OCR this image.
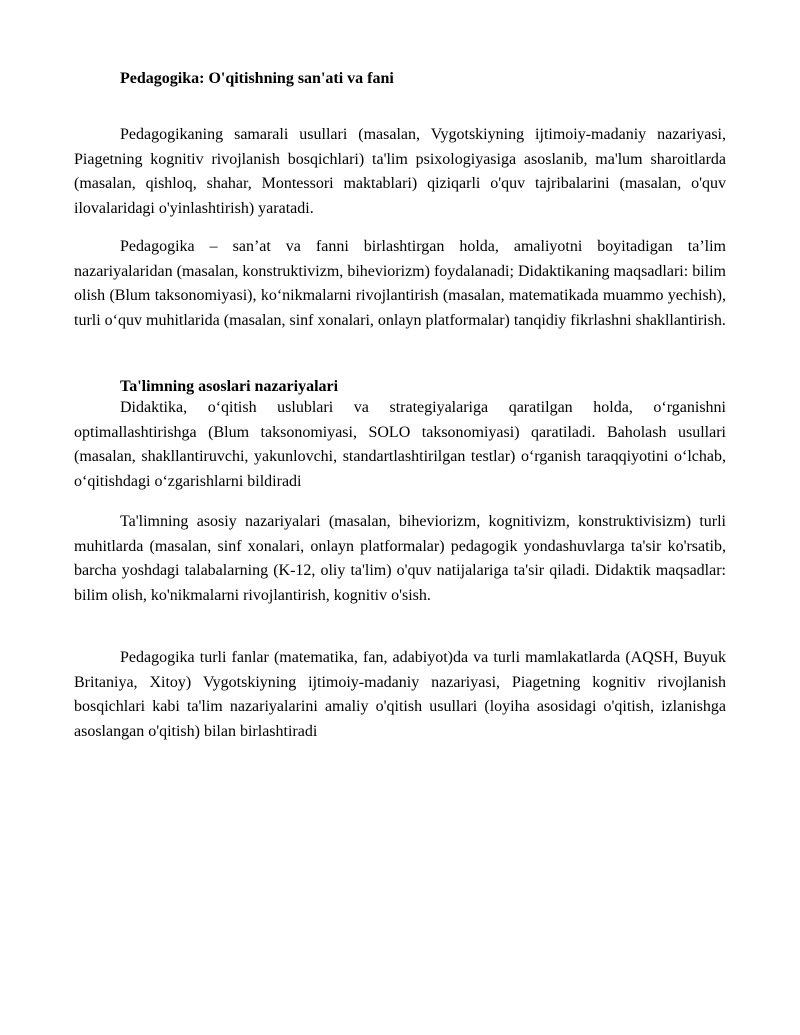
Pedagogika: O'qitishning san'ati va fani

Pedagogikaning samarali usullari (masalan, Vygotskiyning ijtimoiy-madaniy nazariyasi, Piagetning kognitiv rivojlanish bosqichlari) ta'lim psixologiyasiga asoslanib, ma'lum sharoitlarda (masalan, qishloq, shahar, Montessori maktablari) qiziqarli o'quv tajribalarini (masalan, o'quv ilovalaridagi o'yinlashtirish) yaratadi.

Pedagogika – san’at va fanni birlashtirgan holda, amaliyotni boyitadigan ta’lim nazariyalaridan (masalan, konstruktivizm, biheviorizm) foydalanadi; Didaktikaning maqsadlari: bilim olish (Blum taksonomiyasi), koʻnikmalarni rivojlantirish (masalan, matematikada muammo yechish), turli oʻquv muhitlarida (masalan, sinf xonalari, onlayn platformalar) tanqidiy fikrlashni shakllantirish.

Ta'limning asoslari nazariyalari

Didaktika, oʻqitish uslublari va strategiyalariga qaratilgan holda, oʻrganishni optimallashtirishga (Blum taksonomiyasi, SOLO taksonomiyasi) qaratiladi. Baholash usullari (masalan, shakllantiruvchi, yakunlovchi, standartlashtirilgan testlar) oʻrganish taraqqiyotini oʻlchab, oʻqitishdagi oʻzgarishlarni bildiradi

Ta'limning asosiy nazariyalari (masalan, biheviorizm, kognitivizm, konstruktivisizm) turli muhitlarda (masalan, sinf xonalari, onlayn platformalar) pedagogik yondashuvlarga ta'sir ko'rsatib, barcha yoshdagi talabalarning (K-12, oliy ta'lim) o'quv natijalariga ta'sir qiladi. Didaktik maqsadlar: bilim olish, ko'nikmalarni rivojlantirish, kognitiv o'sish.

Pedagogika turli fanlar (matematika, fan, adabiyot)da va turli mamlakatlarda (AQSH, Buyuk Britaniya, Xitoy) Vygotskiyning ijtimoiy-madaniy nazariyasi, Piagetning kognitiv rivojlanish bosqichlari kabi ta'lim nazariyalarini amaliy o'qitish usullari (loyiha asosidagi o'qitish, izlanishga asoslangan o'qitish) bilan birlashtiradi
